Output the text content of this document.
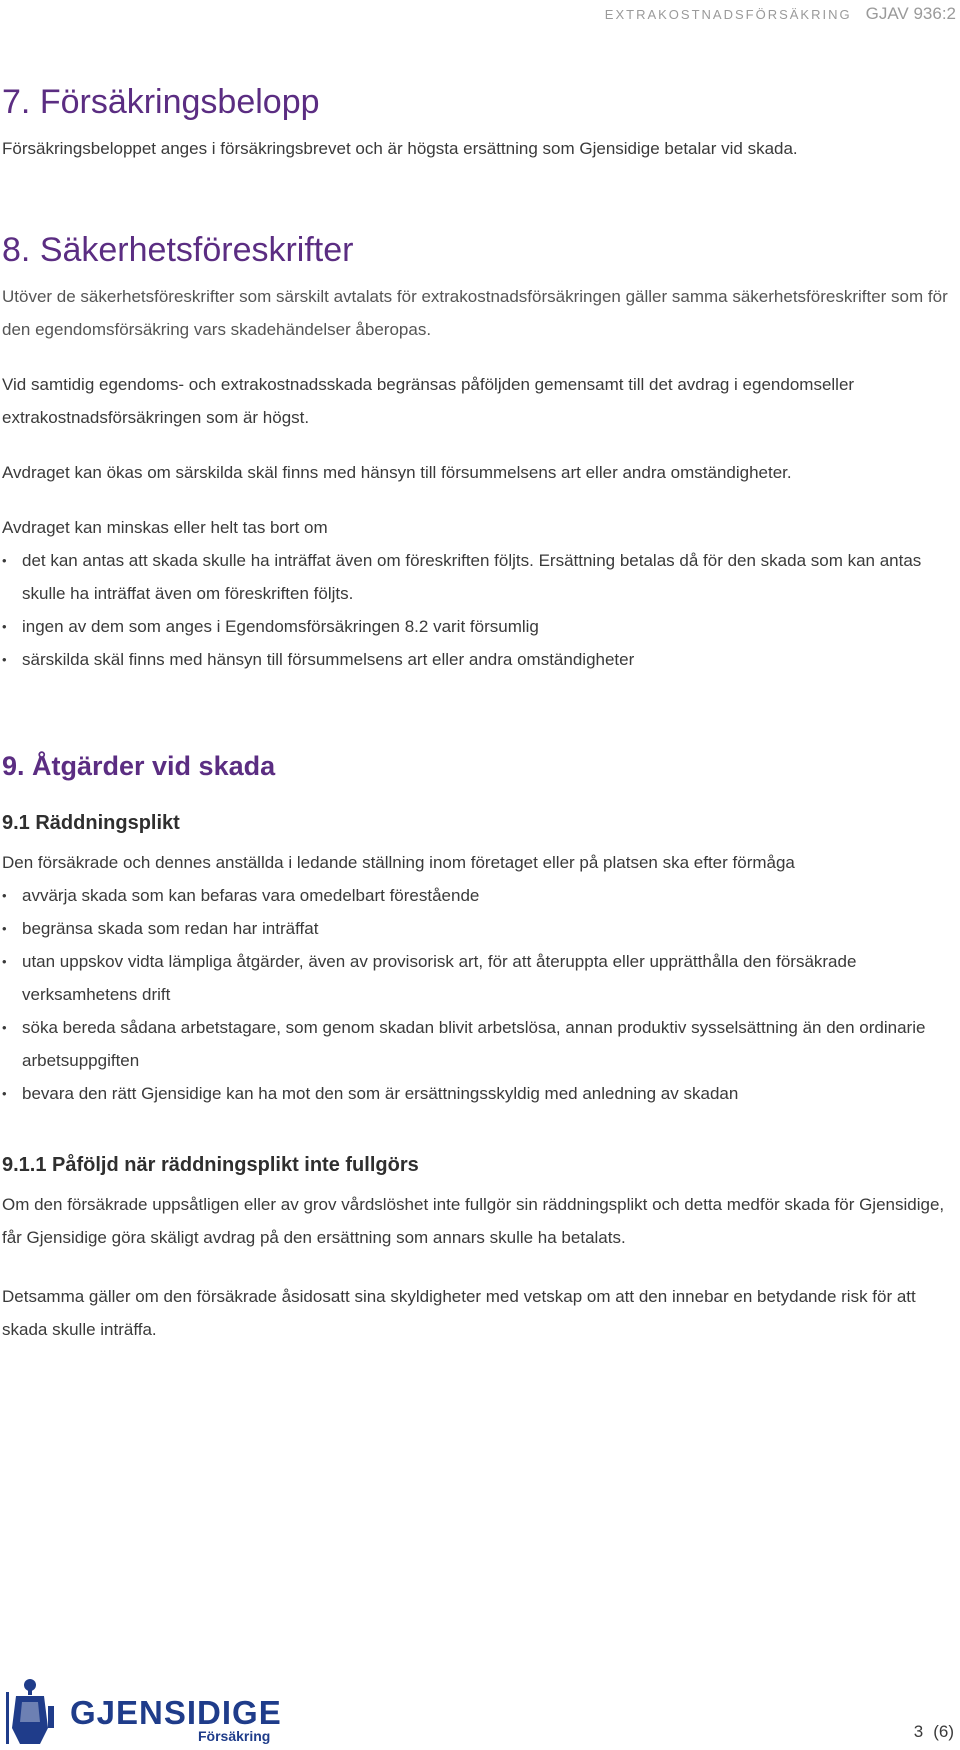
EXTRAKOSTNADSFÖRSÄKRING GJAV 936:2
7. Försäkringsbelopp

Försäkringsbeloppet anges i försäkringsbrevet och är högsta ersättning som Gjensidige betalar vid skada.

8. Säkerhetsföreskrifter

Utöver de säkerhetsföreskrifter som särskilt avtalats för extrakostnadsförsäkringen gäller samma säkerhetsföreskrifter som för den egendomsförsäkring vars skadehändelser åberopas.

Vid samtidig egendoms- och extrakostnadsskada begränsas påföljden gemensamt till det avdrag i egendomseller extrakostnadsförsäkringen som är högst.

Avdraget kan ökas om särskilda skäl finns med hänsyn till försummelsens art eller andra omständigheter.

Avdraget kan minskas eller helt tas bort om

• det kan antas att skada skulle ha inträffat även om föreskriften följts. Ersättning betalas då för den skada som kan antas skulle ha inträffat även om föreskriften följts.
• ingen av dem som anges i Egendomsförsäkringen 8.2 varit försumlig
• särskilda skäl finns med hänsyn till försummelsens art eller andra omständigheter
9. Åtgärder vid skada
9.1 Räddningsplikt

Den försäkrade och dennes anställda i ledande ställning inom företaget eller på platsen ska efter förmåga

• avvärja skada som kan befaras vara omedelbart förestående
• begränsa skada som redan har inträffat
• utan uppskov vidta lämpliga åtgärder, även av provisorisk art, för att återuppta eller upprätthålla den försäkrade verksamhetens drift
• söka bereda sådana arbetstagare, som genom skadan blivit arbetslösa, annan produktiv sysselsättning än den ordinarie arbetsuppgiften
• bevara den rätt Gjensidige kan ha mot den som är ersättningsskyldig med anledning av skadan
9.1.1 Påföljd när räddningsplikt inte fullgörs

Om den försäkrade uppsåtligen eller av grov vårdslöshet inte fullgör sin räddningsplikt och detta medför skada för Gjensidige, får Gjensidige göra skäligt avdrag på den ersättning som annars skulle ha betalats.

Detsamma gäller om den försäkrade åsidosatt sina skyldigheter med vetskap om att den innebar en betydande risk för att skada skulle inträffa.

GJENSIDIGE
Försäkring	3 (6)
